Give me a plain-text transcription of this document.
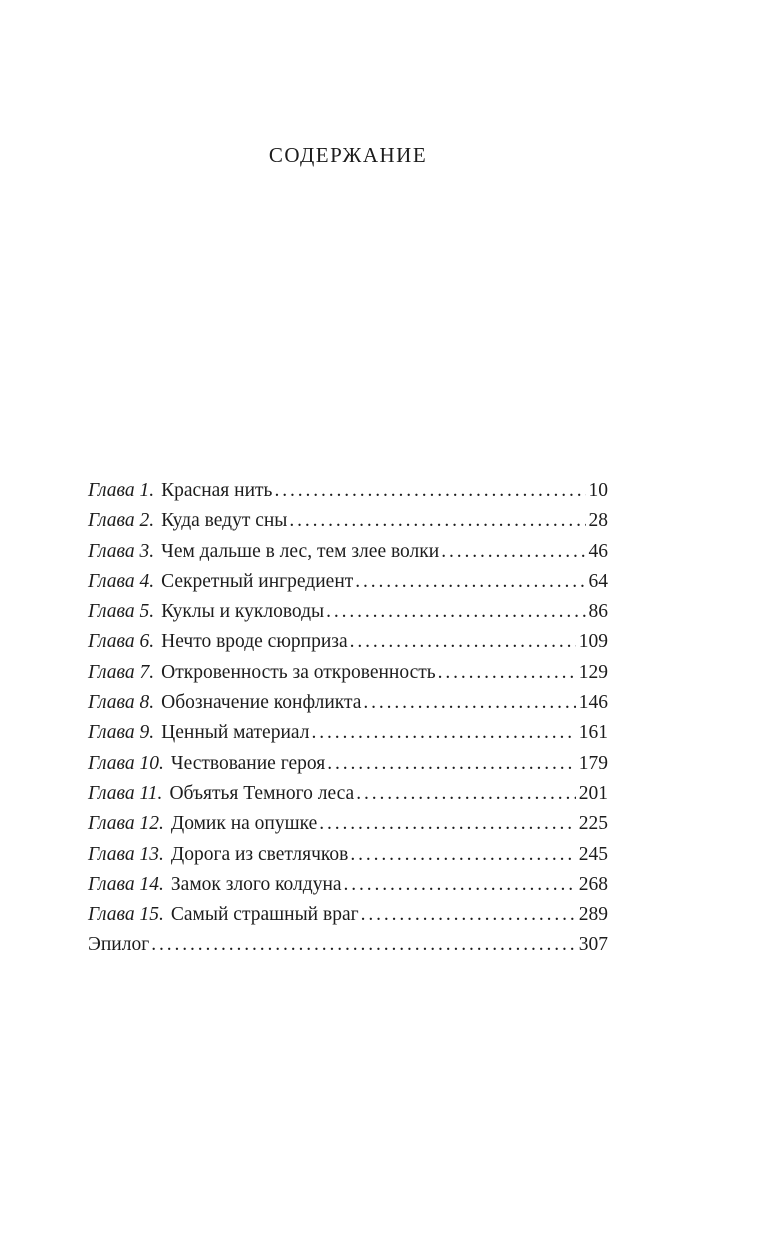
СОДЕРЖАНИЕ
Глава 1. Красная нить . . .	10
Глава 2. Куда ведут сны . . .	28
Глава 3. Чем дальше в лес, тем злее волки . . .	46
Глава 4. Секретный ингредиент . . .	64
Глава 5. Куклы и кукловоды . . .	86
Глава 6. Нечто вроде сюрприза . . .	109
Глава 7. Откровенность за откровенность . . .	129
Глава 8. Обозначение конфликта . . .	146
Глава 9. Ценный материал . . .	161
Глава 10. Чествование героя . . .	179
Глава 11. Объятья Темного леса . . .	201
Глава 12. Домик на опушке . . .	225
Глава 13. Дорога из светлячков . . .	245
Глава 14. Замок злого колдуна . . .	268
Глава 15. Самый страшный враг . . .	289
Эпилог . . .	307
